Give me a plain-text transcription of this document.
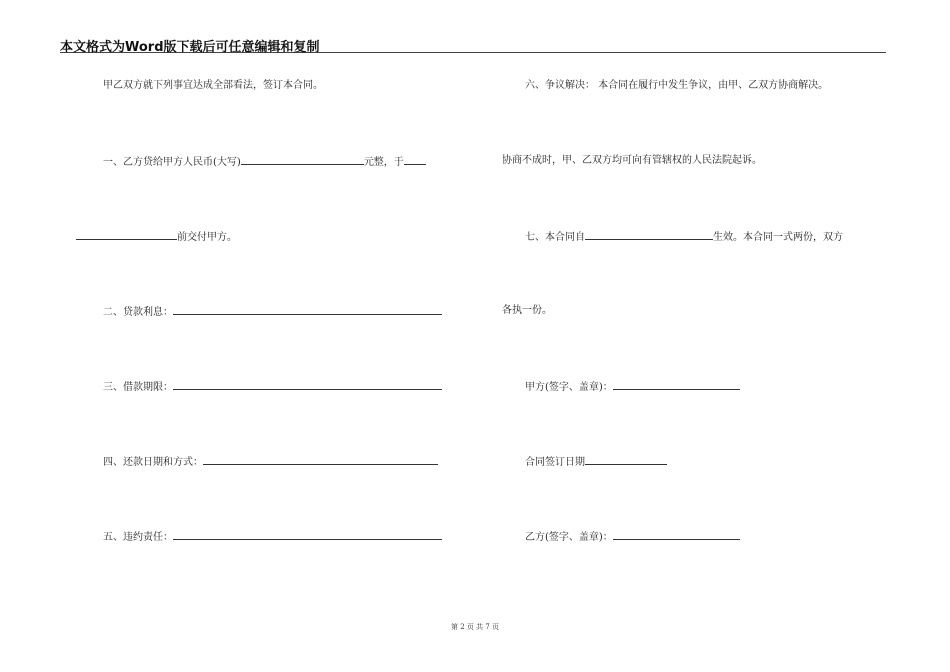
本文格式为Word版下载后可任意编辑和复制
甲乙双方就下列事宜达成全部看法，签订本合同。
一、乙方贷给甲方人民币(大写)	元整，于
前交付甲方。
二、贷款利息：
三、借款期限：
四、还款日期和方式：
五、违约责任：
六、争议解决： 本合同在履行中发生争议，由甲、乙双方协商解决。
协商不成时，甲、乙双方均可向有管辖权的人民法院起诉。
七、本合同自	生效。本合同一式两份，双方
各执一份。
甲方(签字、盖章)：
合同签订日期
乙方(签字、盖章)：
第 2 页 共 7 页
